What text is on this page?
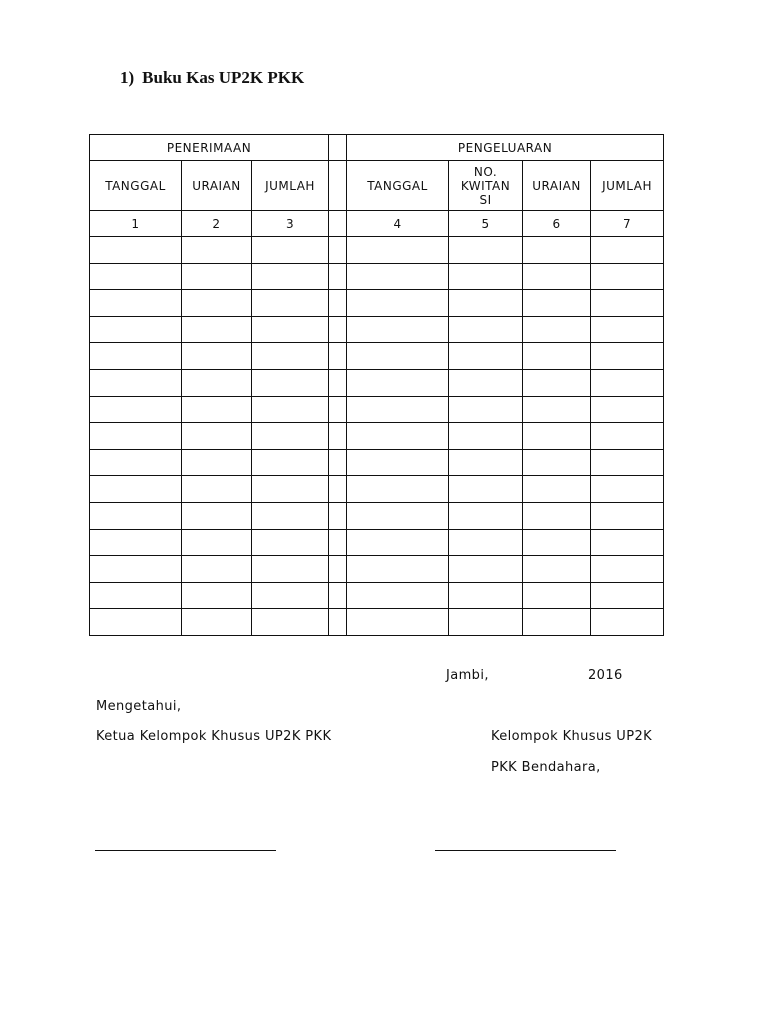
1) Buku Kas UP2K PKK
PENERIMAAN				PENGELUARAN			
TANGGAL	URAIAN	JUMLAH		TANGGAL	NO. KWITAN SI	URAIAN	JUMLAH
1	2	3		4	5	6	7

Jambi,	2016
Mengetahui,
Ketua Kelompok Khusus UP2K PKK	Kelompok Khusus UP2K
PKK Bendahara,
